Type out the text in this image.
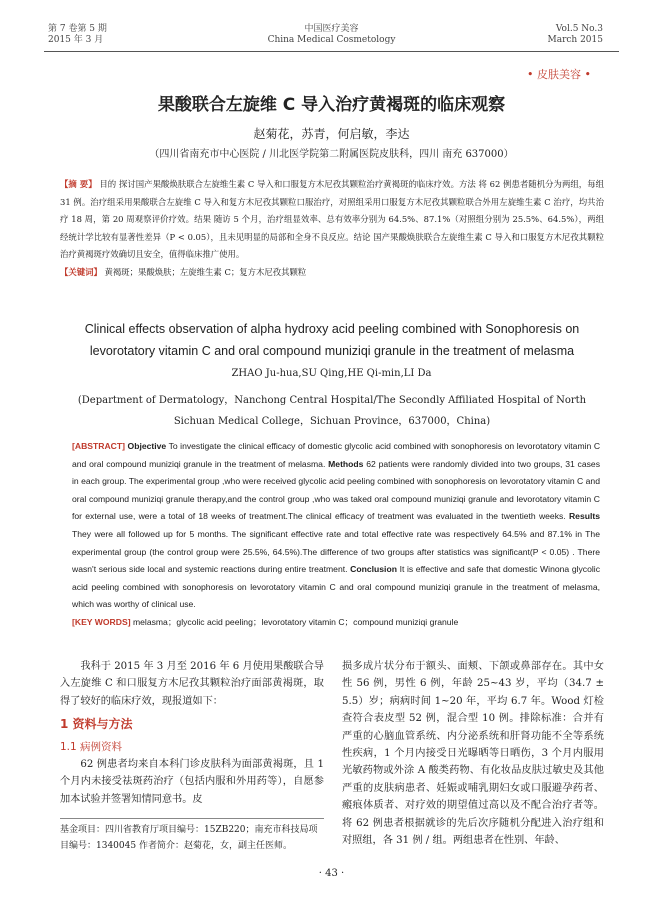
第 7 卷第 5 期
2015 年 3 月
中国医疗美容
China Medical Cosmetology
Vol.5 No.3
March 2015
• 皮肤美容 •
果酸联合左旋维 C 导入治疗黄褐斑的临床观察
赵菊花，苏青，何启敏，李达
（四川省南充市中心医院 / 川北医学院第二附属医院皮肤科，四川 南充 637000）
【摘 要】 目的 探讨国产果酸焕肤联合左旋维生素 C 导入和口服复方木尼孜其颗粒治疗黄褐斑的临床疗效。方法 将 62 例患者随机分为两组，每组 31 例。治疗组采用果酸联合左旋维 C 导入和复方木尼孜其颗粒口服治疗，对照组采用口服复方木尼孜其颗粒联合外用左旋维生素 C 治疗，均共治疗 18 周，第 20 周观察评价疗效。结果 随访 5 个月，治疗组显效率、总有效率分别为 64.5%、87.1%（对照组分别为 25.5%、64.5%），两组经统计学比较有显著性差异（P < 0.05），且未见明显的局部和全身不良反应。结论 国产果酸焕肤联合左旋维生素 C 导入和口服复方木尼孜其颗粒治疗黄褐斑疗效确切且安全，值得临床推广使用。
【关键词】 黄褐斑；果酸焕肤；左旋维生素 C；复方木尼孜其颗粒
Clinical effects observation of alpha hydroxy acid peeling combined with Sonophoresis on levorotatory vitamin C and oral compound muniziqi granule in the treatment of melasma
ZHAO Ju-hua,SU Qing,HE Qi-min,LI Da
(Department of Dermatology，Nanchong Central Hospital/The Secondly Affiliated Hospital of North Sichuan Medical College，Sichuan Province，637000，China)
[ABSTRACT] Objective To investigate the clinical efficacy of domestic glycolic acid combined with sonophoresis on levorotatory vitamin C and oral compound muniziqi granule in the treatment of melasma. Methods 62 patients were randomly divided into two groups, 31 cases in each group. The experimental group ,who were received glycolic acid peeling combined with sonophoresis on levorotatory vitamin C and oral compound muniziqi granule therapy,and the control group ,who was taked oral compound muniziqi granule and levorotatory vitamin C for external use, were a total of 18 weeks of treatment.The clinical efficacy of treatment was evaluated in the twentieth weeks. Results They were all followed up for 5 months. The significant effective rate and total effective rate was respectively 64.5% and 87.1% in The experimental group (the control group were 25.5%, 64.5%).The difference of two groups after statistics was significant(P < 0.05) . There wasn't serious side local and systemic reactions during entire treatment. Conclusion It is effective and safe that domestic Winona glycolic acid peeling combined with sonophoresis on levorotatory vitamin C and oral compound muniziqi granule in the treatment of melasma, which was worthy of clinical use.
[KEY WORDS] melasma；glycolic acid peeling；levorotatory vitamin C；compound muniziqi granule

我科于 2015 年 3 月至 2016 年 6 月使用果酸联合导入左旋维 C 和口服复方木尼孜其颗粒治疗面部黄褐斑，取得了较好的临床疗效，现报道如下：

1 资料与方法
1.1 病例资料

62 例患者均来自本科门诊皮肤科为面部黄褐斑，且 1 个月内未接受祛斑药治疗（包括内服和外用药等），自愿参加本试验并签署知情同意书。皮

基金项目：四川省教育厅项目编号：15ZB220；南充市科技局项目编号：1340045 作者简介：赵菊花，女，副主任医师。

损多成片状分布于额头、面颊、下颌或鼻部存在。其中女性 56 例，男性 6 例，年龄 25~43 岁，平均（34.7 ± 5.5）岁；病病时间 1~20 年，平均 6.7 年。Wood 灯检查符合表皮型 52 例，混合型 10 例。排除标准：合并有严重的心脑血管系统、内分泌系统和肝肾功能不全等系统性疾病，1 个月内接受日光曝晒等日晒伤，3 个月内服用光敏药物或外涂 A 酸类药物、有化妆品皮肤过敏史及其他严重的皮肤病患者、妊娠或哺乳期妇女或口服避孕药者、瘢痕体质者、对疗效的期望值过高以及不配合治疗者等。将 62 例患者根据就诊的先后次序随机分配进入治疗组和对照组，各 31 例 / 组。两组患者在性别、年龄、

· 43 ·
